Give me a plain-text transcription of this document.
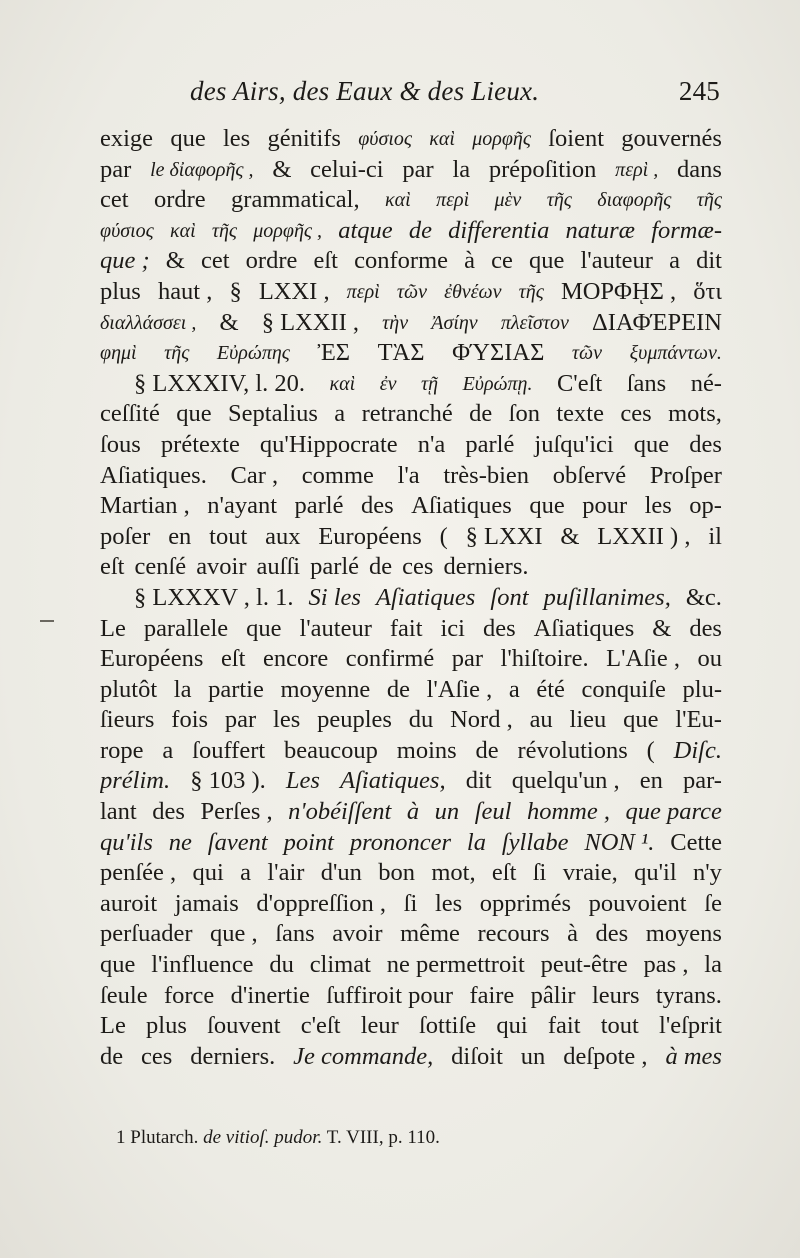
des Airs, des Eaux & des Lieux.	245
exige que les génitifs φύσιος καὶ μορφῆς ſoient gouvernés
par le δἰαφορῆς , & celui-ci par la prépoſition περὶ , dans
cet ordre grammatical, καὶ περὶ μὲν τῆς διαφορῆς τῆς
φύσιος καὶ τῆς μορφῆς , atque de differentia naturæ formæ-
que ; & cet ordre eſt conforme à ce que l'auteur a dit
plus haut , § LXXI , περὶ τῶν ἐθνέων τῆς ΜΟΡΦῌΣ , ὅτι
διαλλάσσει , & § LXXII , τὴν Ἀσίην πλεῖστον ΔΙΑΦΈΡΕΙΝ
φημὶ τῆς Εὐρώπης ἘΣ ΤᾺΣ ΦΎΣΙΑΣ τῶν ξυμπάντων.
§ LXXXIV, l. 20. καὶ ἐν τῇ Εὐρώπῃ. C'eſt ſans né-
ceſſité que Septalius a retranché de ſon texte ces mots,
ſous prétexte qu'Hippocrate n'a parlé juſqu'ici que des
Aſiatiques. Car , comme l'a très-bien obſervé Proſper
Martian , n'ayant parlé des Aſiatiques que pour les op-
poſer en tout aux Européens ( § LXXI & LXXII ) , il
eſt cenſé avoir auſſi parlé de ces derniers.
§ LXXXV , l. 1. Si les Aſiatiques ſont puſillanimes, &c.
Le parallele que l'auteur fait ici des Aſiatiques & des
Européens eſt encore confirmé par l'hiſtoire. L'Aſie , ou
plutôt la partie moyenne de l'Aſie , a été conquiſe plu-
ſieurs fois par les peuples du Nord , au lieu que l'Eu-
rope a ſouffert beaucoup moins de révolutions ( Diſc.
prélim. § 103 ). Les Aſiatiques, dit quelqu'un , en par-
lant des Perſes , n'obéiſſent à un ſeul homme , que parce
qu'ils ne ſavent point prononcer la ſyllabe NON ¹. Cette
penſée , qui a l'air d'un bon mot, eſt ſi vraie, qu'il n'y
auroit jamais d'oppreſſion , ſi les opprimés pouvoient ſe
perſuader que , ſans avoir même recours à des moyens
que l'influence du climat ne permettroit peut-être pas , la
ſeule force d'inertie ſuffiroit pour faire pâlir leurs tyrans.
Le plus ſouvent c'eſt leur ſottiſe qui fait tout l'eſprit
de ces derniers. Je commande, diſoit un deſpote , à mes
1 Plutarch. de vitioſ. pudor. T. VIII, p. 110.
